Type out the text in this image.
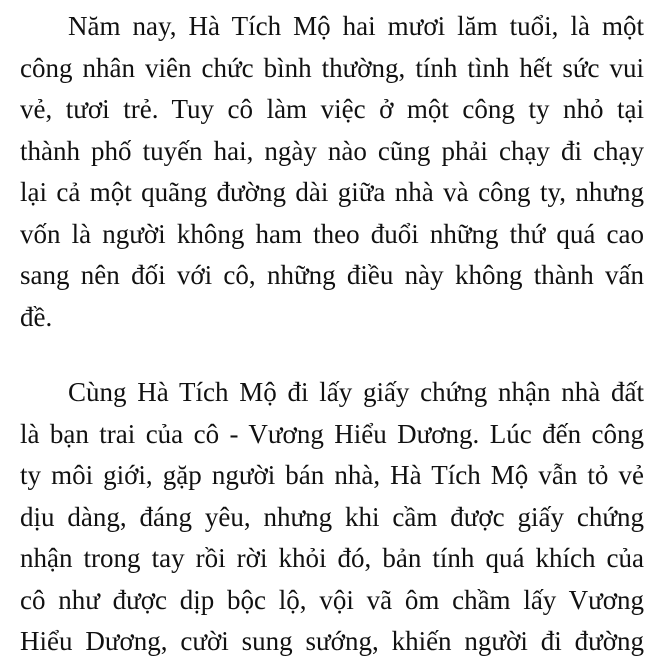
Năm nay, Hà Tích Mộ hai mươi lăm tuổi, là một
công nhân viên chức bình thường, tính tình hết sức vui
vẻ, tươi trẻ. Tuy cô làm việc ở một công ty nhỏ tại
thành phố tuyến hai, ngày nào cũng phải chạy đi chạy
lại cả một quãng đường dài giữa nhà và công ty, nhưng
vốn là người không ham theo đuổi những thứ quá cao
sang nên đối với cô, những điều này không thành vấn
đề.
Cùng Hà Tích Mộ đi lấy giấy chứng nhận nhà đất
là bạn trai của cô - Vương Hiểu Dương. Lúc đến công
ty môi giới, gặp người bán nhà, Hà Tích Mộ vẫn tỏ vẻ
dịu dàng, đáng yêu, nhưng khi cầm được giấy chứng
nhận trong tay rồi rời khỏi đó, bản tính quá khích của
cô như được dịp bộc lộ, vội vã ôm chầm lấy Vương
Hiểu Dương, cười sung sướng, khiến người đi đường
